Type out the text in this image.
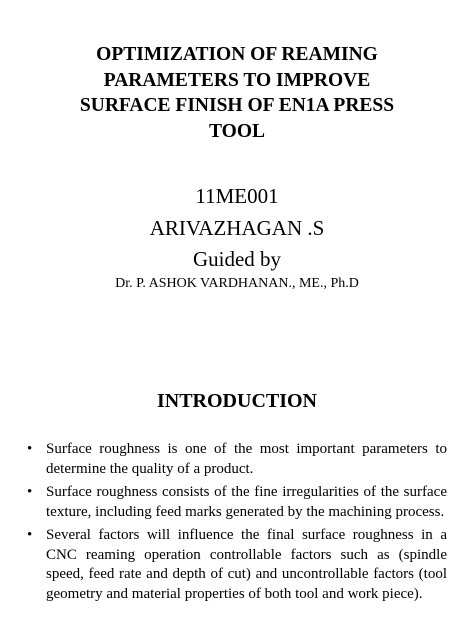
OPTIMIZATION OF REAMING
PARAMETERS TO IMPROVE
SURFACE FINISH OF EN1A PRESS
TOOL
11ME001
ARIVAZHAGAN .S
Guided by
Dr. P. ASHOK VARDHANAN., ME., Ph.D
INTRODUCTION
• Surface roughness is one of the most important parameters to determine the quality of a product.
• Surface roughness consists of the fine irregularities of the surface texture, including feed marks generated by the machining process.
• Several factors will influence the final surface roughness in a CNC reaming operation controllable factors such as (spindle speed, feed rate and depth of cut) and uncontrollable factors (tool geometry and material properties of both tool and work piece).
